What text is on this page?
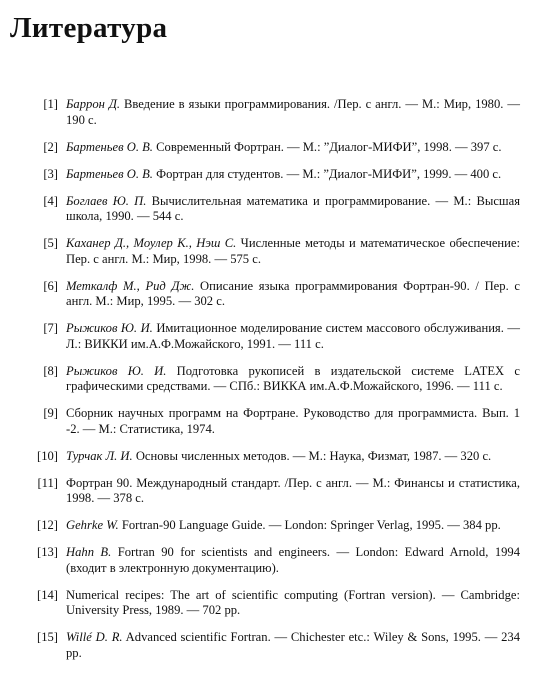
Литература
[1] Баррон Д. Введение в языки программирования. /Пер. с англ. — М.: Мир, 1980. — 190 с.
[2] Бартеньев О. В. Современный Фортран. — М.: ”Диалог-МИФИ”, 1998. — 397 с.
[3] Бартеньев О. В. Фортран для студентов. — М.: ”Диалог-МИФИ”, 1999. — 400 с.
[4] Боглаев Ю. П. Вычислительная математика и программирование. — М.: Высшая школа, 1990. — 544 с.
[5] Каханер Д., Моулер К., Нэш С. Численные методы и математическое обеспечение: Пер. с англ. М.: Мир, 1998. — 575 с.
[6] Меткалф М., Рид Дж. Описание языка программирования Фортран-90. / Пер. с англ. М.: Мир, 1995. — 302 с.
[7] Рыжиков Ю. И. Имитационное моделирование систем массового обслуживания. — Л.: ВИККИ им.А.Ф.Можайского, 1991. — 111 с.
[8] Рыжиков Ю. И. Подготовка рукописей в издательской системе LATEX с графическими средствами. — СПб.: ВИККА им.А.Ф.Можайского, 1996. — 111 с.
[9] Сборник научных программ на Фортране. Руководство для программиста. Вып. 1 -2. — М.: Статистика, 1974.
[10] Турчак Л. И. Основы численных методов. — М.: Наука, Физмат, 1987. — 320 с.
[11] Фортран 90. Международный стандарт. /Пер. с англ. — М.: Финансы и статистика, 1998. — 378 с.
[12] Gehrke W. Fortran-90 Language Guide. — London: Springer Verlag, 1995. — 384 pp.
[13] Hahn B. Fortran 90 for scientists and engineers. — London: Edward Arnold, 1994 (входит в электронную документацию).
[14] Numerical recipes: The art of scientific computing (Fortran version). — Cambridge: University Press, 1989. — 702 pp.
[15] Willé D. R. Advanced scientific Fortran. — Chichester etc.: Wiley & Sons, 1995. — 234 pp.
